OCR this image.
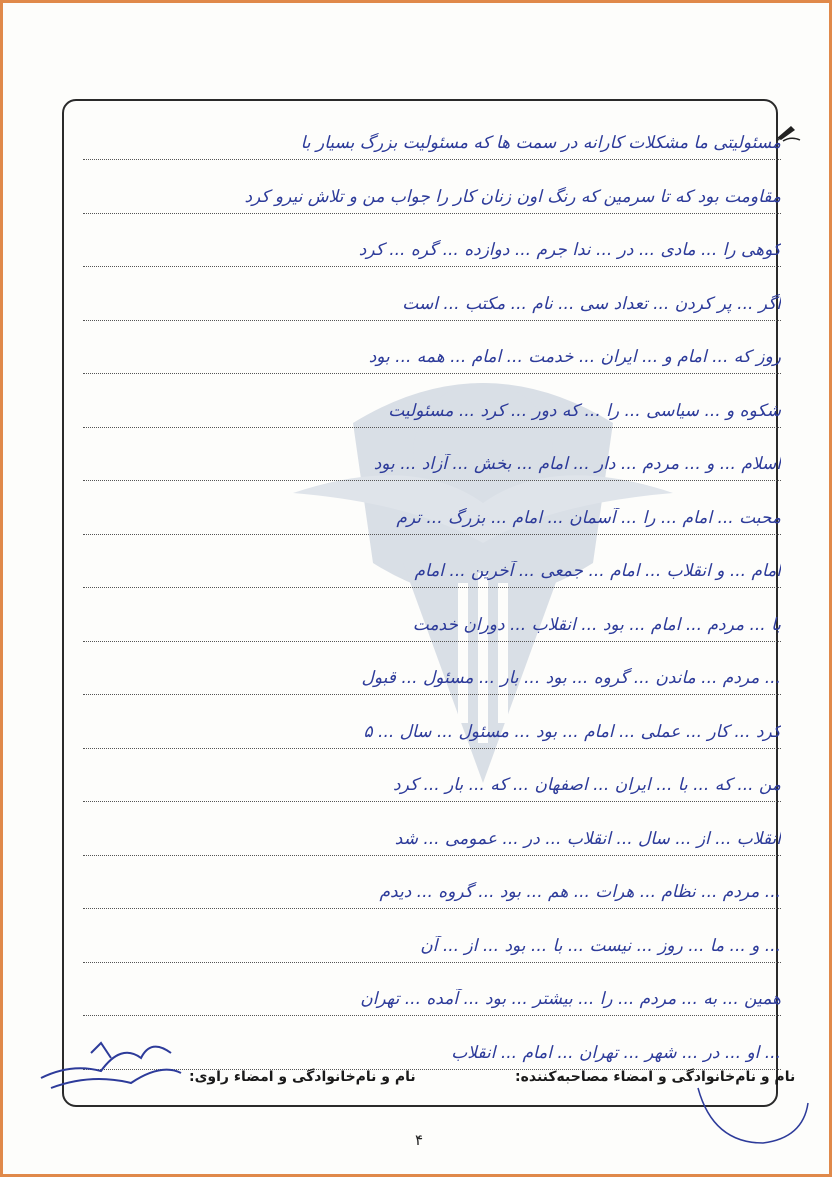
مسئولیتی ما مشکلات کارانه در سمت ها که مسئولیت بزرگ بسیار با
مقاومت بود که تا سرمین که رنگ اون زنان کار را جواب من و تلاش نیرو کرد
کوهی را ... مادی ... در ... ندا جرم ... دوازده ... گره ... کرد
اگر ... پر کردن ... تعداد سی ... نام ... مکتب ... است
روز که ... امام و ... ایران ... خدمت ... امام ... همه ... بود
شکوه و ... سیاسی ... را ... که دور ... کرد ... مسئولیت
اسلام ... و ... مردم ... دار ... امام ... بخش ... آزاد ... بود
محبت ... امام ... را ... آسمان ... امام ... بزرگ ... ترم
امام ... و انقلاب ... امام ... جمعی ... آخرین ... امام
با ... مردم ... امام ... بود ... انقلاب ... دوران خدمت
... مردم ... ماندن ... گروه ... بود ... بار ... مسئول ... قبول
کرد ... کار ... عملی ... امام ... بود ... مسئول ... سال ... ۵
من ... که ... با ... ایران ... اصفهان ... که ... بار ... کرد
انقلاب ... از ... سال ... انقلاب ... در ... عمومی ... شد
... مردم ... نظام ... هرات ... هم ... بود ... گروه ... دیدم
... و ... ما ... روز ... نیست ... با ... بود ... از ... آن
همین ... به ... مردم ... را ... بیشتر ... بود ... آمده ... تهران
... او ... در ... شهر ... تهران ... امام ... انقلاب
نام و نام‌خانوادگی و امضاء مصاحبه‌کننده:
نام و نام‌خانوادگی و امضاء راوی:
۴
